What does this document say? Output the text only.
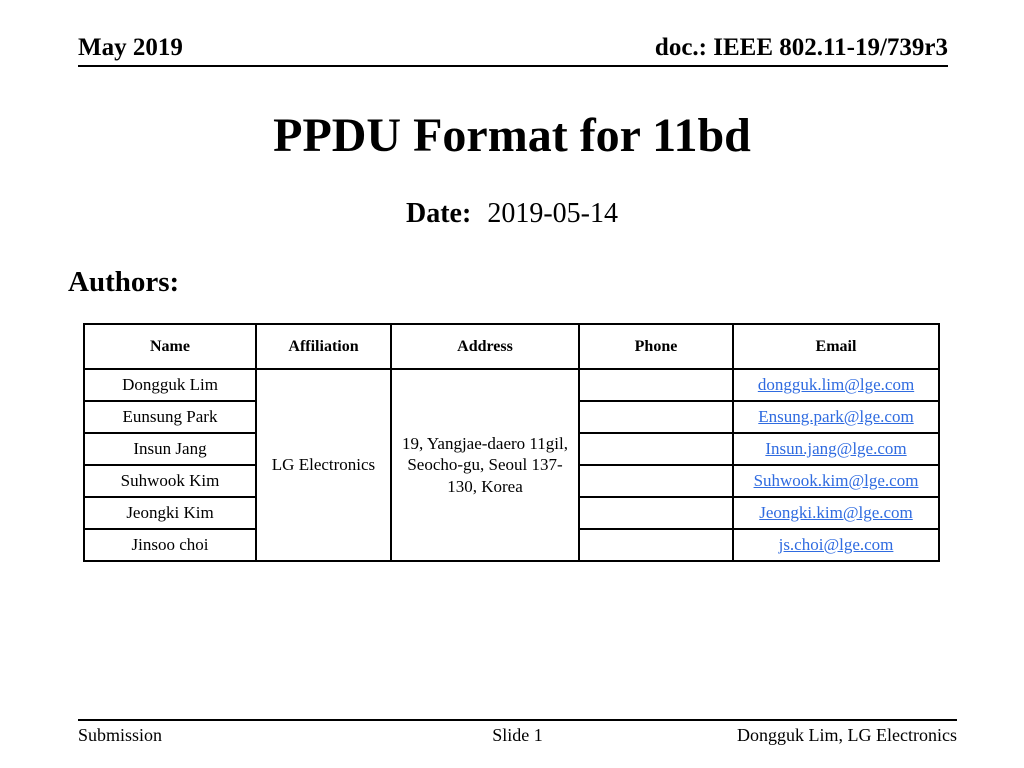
May 2019	doc.: IEEE 802.11-19/739r3
PPDU Format for 11bd
Date: 2019-05-14
Authors:
Name	Affiliation	Address	Phone	Email
Dongguk Lim	LG Electronics	19, Yangjae-daero 11gil, Seocho-gu, Seoul 137-130, Korea		dongguk.lim@lge.com
Eunsung Park				Ensung.park@lge.com
Insun Jang				Insun.jang@lge.com
Suhwook Kim				Suhwook.kim@lge.com
Jeongki Kim				Jeongki.kim@lge.com
Jinsoo choi				js.choi@lge.com
Submission	Slide 1	Dongguk Lim, LG Electronics
